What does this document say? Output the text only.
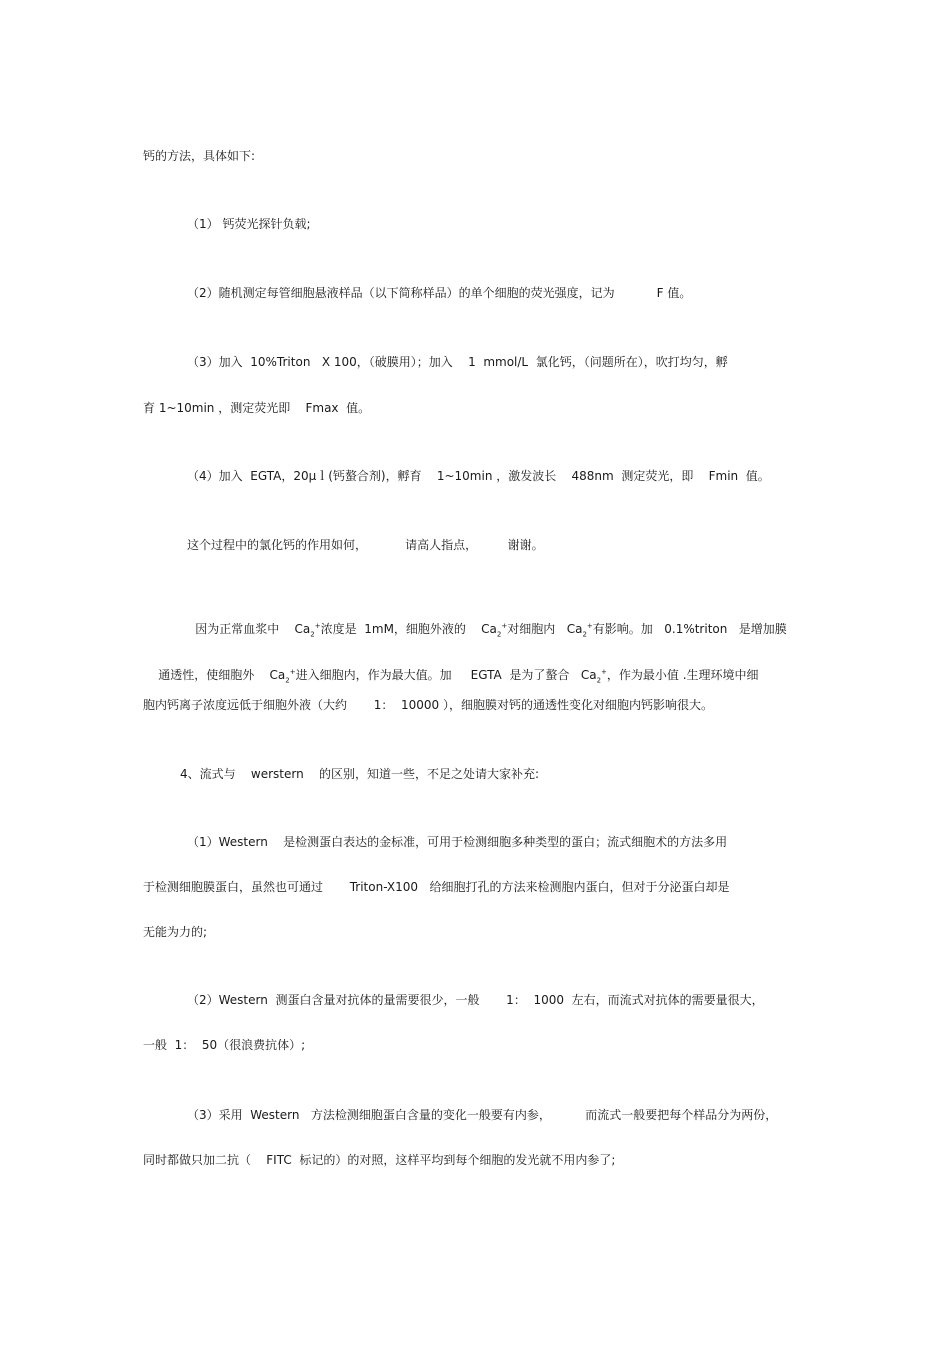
钙的方法，具体如下:
（1） 钙荧光探针负载;
（2）随机测定每管细胞悬液样品（以下简称样品）的单个细胞的荧光强度，记为           F 值。
（3）加入  10%Triton   X 100，（破膜用）；加入    1  mmol/L  氯化钙，（问题所在），吹打均匀，孵
育 1~10min ，测定荧光即    Fmax  值。
（4）加入  EGTA，20μｌ(钙螯合剂)，孵育    1~10min ，激发波长    488nm  测定荧光，即    Fmin  值。
这个过程中的氯化钙的作用如何，          请高人指点，        谢谢。

因为正常血浆中    $Ca_2^+$浓度是  1mM，细胞外液的    $Ca_2^+$对细胞内   $Ca_2^+$有影响。加   0.1%triton   是增加膜

通透性，使细胞外    $Ca_2^+$进入细胞内，作为最大值。加     EGTA  是为了螯合   $Ca_2^+$，作为最小值 .生理环境中细

胞内钙离子浓度远低于细胞外液（大约       1：  10000 ），细胞膜对钙的通透性变化对细胞内钙影响很大。
4、流式与    werstern    的区别，知道一些，不足之处请大家补充:
（1）Western    是检测蛋白表达的金标准，可用于检测细胞多种类型的蛋白；流式细胞术的方法多用
于检测细胞膜蛋白，虽然也可通过       Triton-X100   给细胞打孔的方法来检测胞内蛋白，但对于分泌蛋白却是
无能为力的;
（2）Western  测蛋白含量对抗体的量需要很少，一般       1：  1000  左右，而流式对抗体的需要量很大，
一般  1：  50（很浪费抗体）;
（3）采用  Western   方法检测细胞蛋白含量的变化一般要有内参，         而流式一般要把每个样品分为两份，
同时都做只加二抗（    FITC  标记的）的对照，这样平均到每个细胞的发光就不用内参了;
